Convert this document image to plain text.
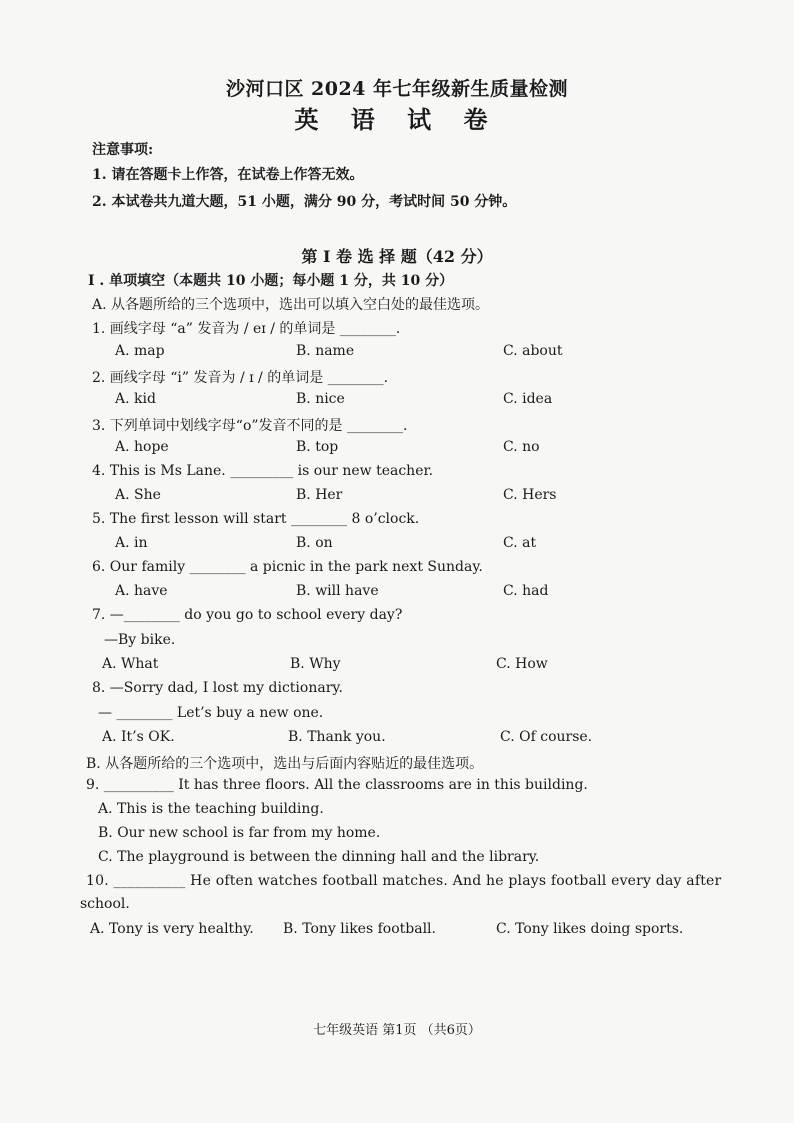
沙河口区 2024 年七年级新生质量检测
英 语 试 卷
注意事项:
1. 请在答题卡上作答，在试卷上作答无效。
2. 本试卷共九道大题，51 小题，满分 90 分，考试时间 50 分钟。
第 I 卷 选 择 题（42 分）
I . 单项填空（本题共 10 小题；每小题 1 分，共 10 分）
A. 从各题所给的三个选项中，选出可以填入空白处的最佳选项。
1. 画线字母 “a” 发音为 / eɪ / 的单词是 ________.
A. map	B. name	C. about
2. 画线字母 “i” 发音为 / ɪ / 的单词是 ________.
A. kid	B. nice	C. idea
3. 下列单词中划线字母“o”发音不同的是 ________.
A. hope	B. top	C. no
4. This is Ms Lane. _________ is our new teacher.
A. She	B. Her	C. Hers
5. The first lesson will start ________ 8 o’clock.
A. in	B. on	C. at
6. Our family ________ a picnic in the park next Sunday.
A. have	B. will have	C. had
7. —________ do you go to school every day?
—By bike.
A. What	B. Why	C. How
8. —Sorry dad, I lost my dictionary.
— ________ Let’s buy a new one.
A. It’s OK.	B. Thank you.	C. Of course.
B. 从各题所给的三个选项中，选出与后面内容贴近的最佳选项。
9. __________ It has three floors. All the classrooms are in this building.
A. This is the teaching building.
B. Our new school is far from my home.
C. The playground is between the dinning hall and the library.
10. __________ He often watches football matches. And he plays football every day after
school.
A. Tony is very healthy. B. Tony likes football.	C. Tony likes doing sports.
七年级英语 第1页 （共6页）
